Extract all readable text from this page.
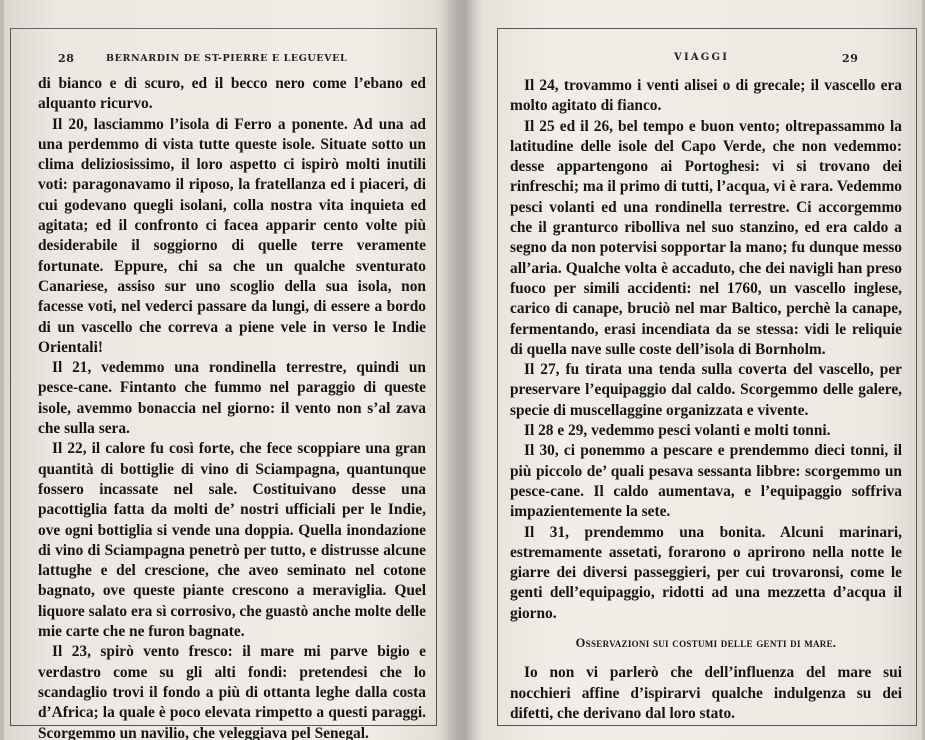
28	BERNARDIN DE ST-PIERRE E LEGUEVEL

di bianco e di scuro, ed il becco nero come l’ebano ed alquanto ricurvo.

Il 20, lasciammo l’isola di Ferro a ponente. Ad una ad una perdemmo di vista tutte queste isole. Situate sotto un clima deliziosissimo, il loro aspetto ci ispirò molti inutili voti: paragonavamo il riposo, la fratellanza ed i piaceri, di cui godevano quegli isolani, colla nostra vita inquieta ed agitata; ed il confronto ci facea apparir cento volte più desiderabile il soggiorno di quelle terre veramente fortunate. Eppure, chi sa che un qualche sventurato Canariese, assiso sur uno scoglio della sua isola, non facesse voti, nel vederci passare da lungi, di essere a bordo di un vascello che correva a piene vele in verso le Indie Orientali!

Il 21, vedemmo una rondinella terrestre, quindi un pesce-cane. Fintanto che fummo nel paraggio di queste isole, avemmo bonaccia nel giorno: il vento non s’al zava che sulla sera.

Il 22, il calore fu così forte, che fece scoppiare una gran quantità di bottiglie di vino di Sciampagna, quantunque fossero incassate nel sale. Costituivano desse una pacottiglia fatta da molti de’ nostri ufficiali per le Indie, ove ogni bottiglia si vende una doppia. Quella inondazione di vino di Sciampagna penetrò per tutto, e distrusse alcune lattughe e del crescione, che aveo seminato nel cotone bagnato, ove queste piante crescono a meraviglia. Quel liquore salato era sì corrosivo, che guastò anche molte delle mie carte che ne furon bagnate.

Il 23, spirò vento fresco: il mare mi parve bigio e verdastro come su gli alti fondi: pretendesi che lo scandaglio trovi il fondo a più di ottanta leghe dalla costa d’Africa; la quale è poco elevata rimpetto a questi paraggi. Scorgemmo un navilio, che veleggiava pel Senegal.

VIAGGI	29

Il 24, trovammo i venti alisei o di grecale; il vascello era molto agitato di fianco.

Il 25 ed il 26, bel tempo e buon vento; oltrepassammo la latitudine delle isole del Capo Verde, che non vedemmo: desse appartengono ai Portoghesi: vi si trovano dei rinfreschi; ma il primo di tutti, l’acqua, vi è rara. Vedemmo pesci volanti ed una rondinella terrestre. Ci accorgemmo che il granturco ribolliva nel suo stanzino, ed era caldo a segno da non potervisi sopportar la mano; fu dunque messo all’aria. Qualche volta è accaduto, che dei navigli han preso fuoco per simili accidenti: nel 1760, un vascello inglese, carico di canape, bruciò nel mar Baltico, perchè la canape, fermentando, erasi incendiata da se stessa: vidi le reliquie di quella nave sulle coste dell’isola di Bornholm.

Il 27, fu tirata una tenda sulla coverta del vascello, per preservare l’equipaggio dal caldo. Scorgemmo delle galere, specie di muscellaggine organizzata e vivente.

Il 28 e 29, vedemmo pesci volanti e molti tonni.

Il 30, ci ponemmo a pescare e prendemmo dieci tonni, il più piccolo de’ quali pesava sessanta libbre: scorgemmo un pesce-cane. Il caldo aumentava, e l’equipaggio soffriva impazientemente la sete.

Il 31, prendemmo una bonita. Alcuni marinari, estremamente assetati, forarono o aprirono nella notte le giarre dei diversi passeggieri, per cui trovaronsi, come le genti dell’equipaggio, ridotti ad una mezzetta d’acqua il giorno.

Osservazioni sui costumi delle genti di mare.

Io non vi parlerò che dell’influenza del mare sui nocchieri affine d’ispirarvi qualche indulgenza su dei difetti, che derivano dal loro stato.
